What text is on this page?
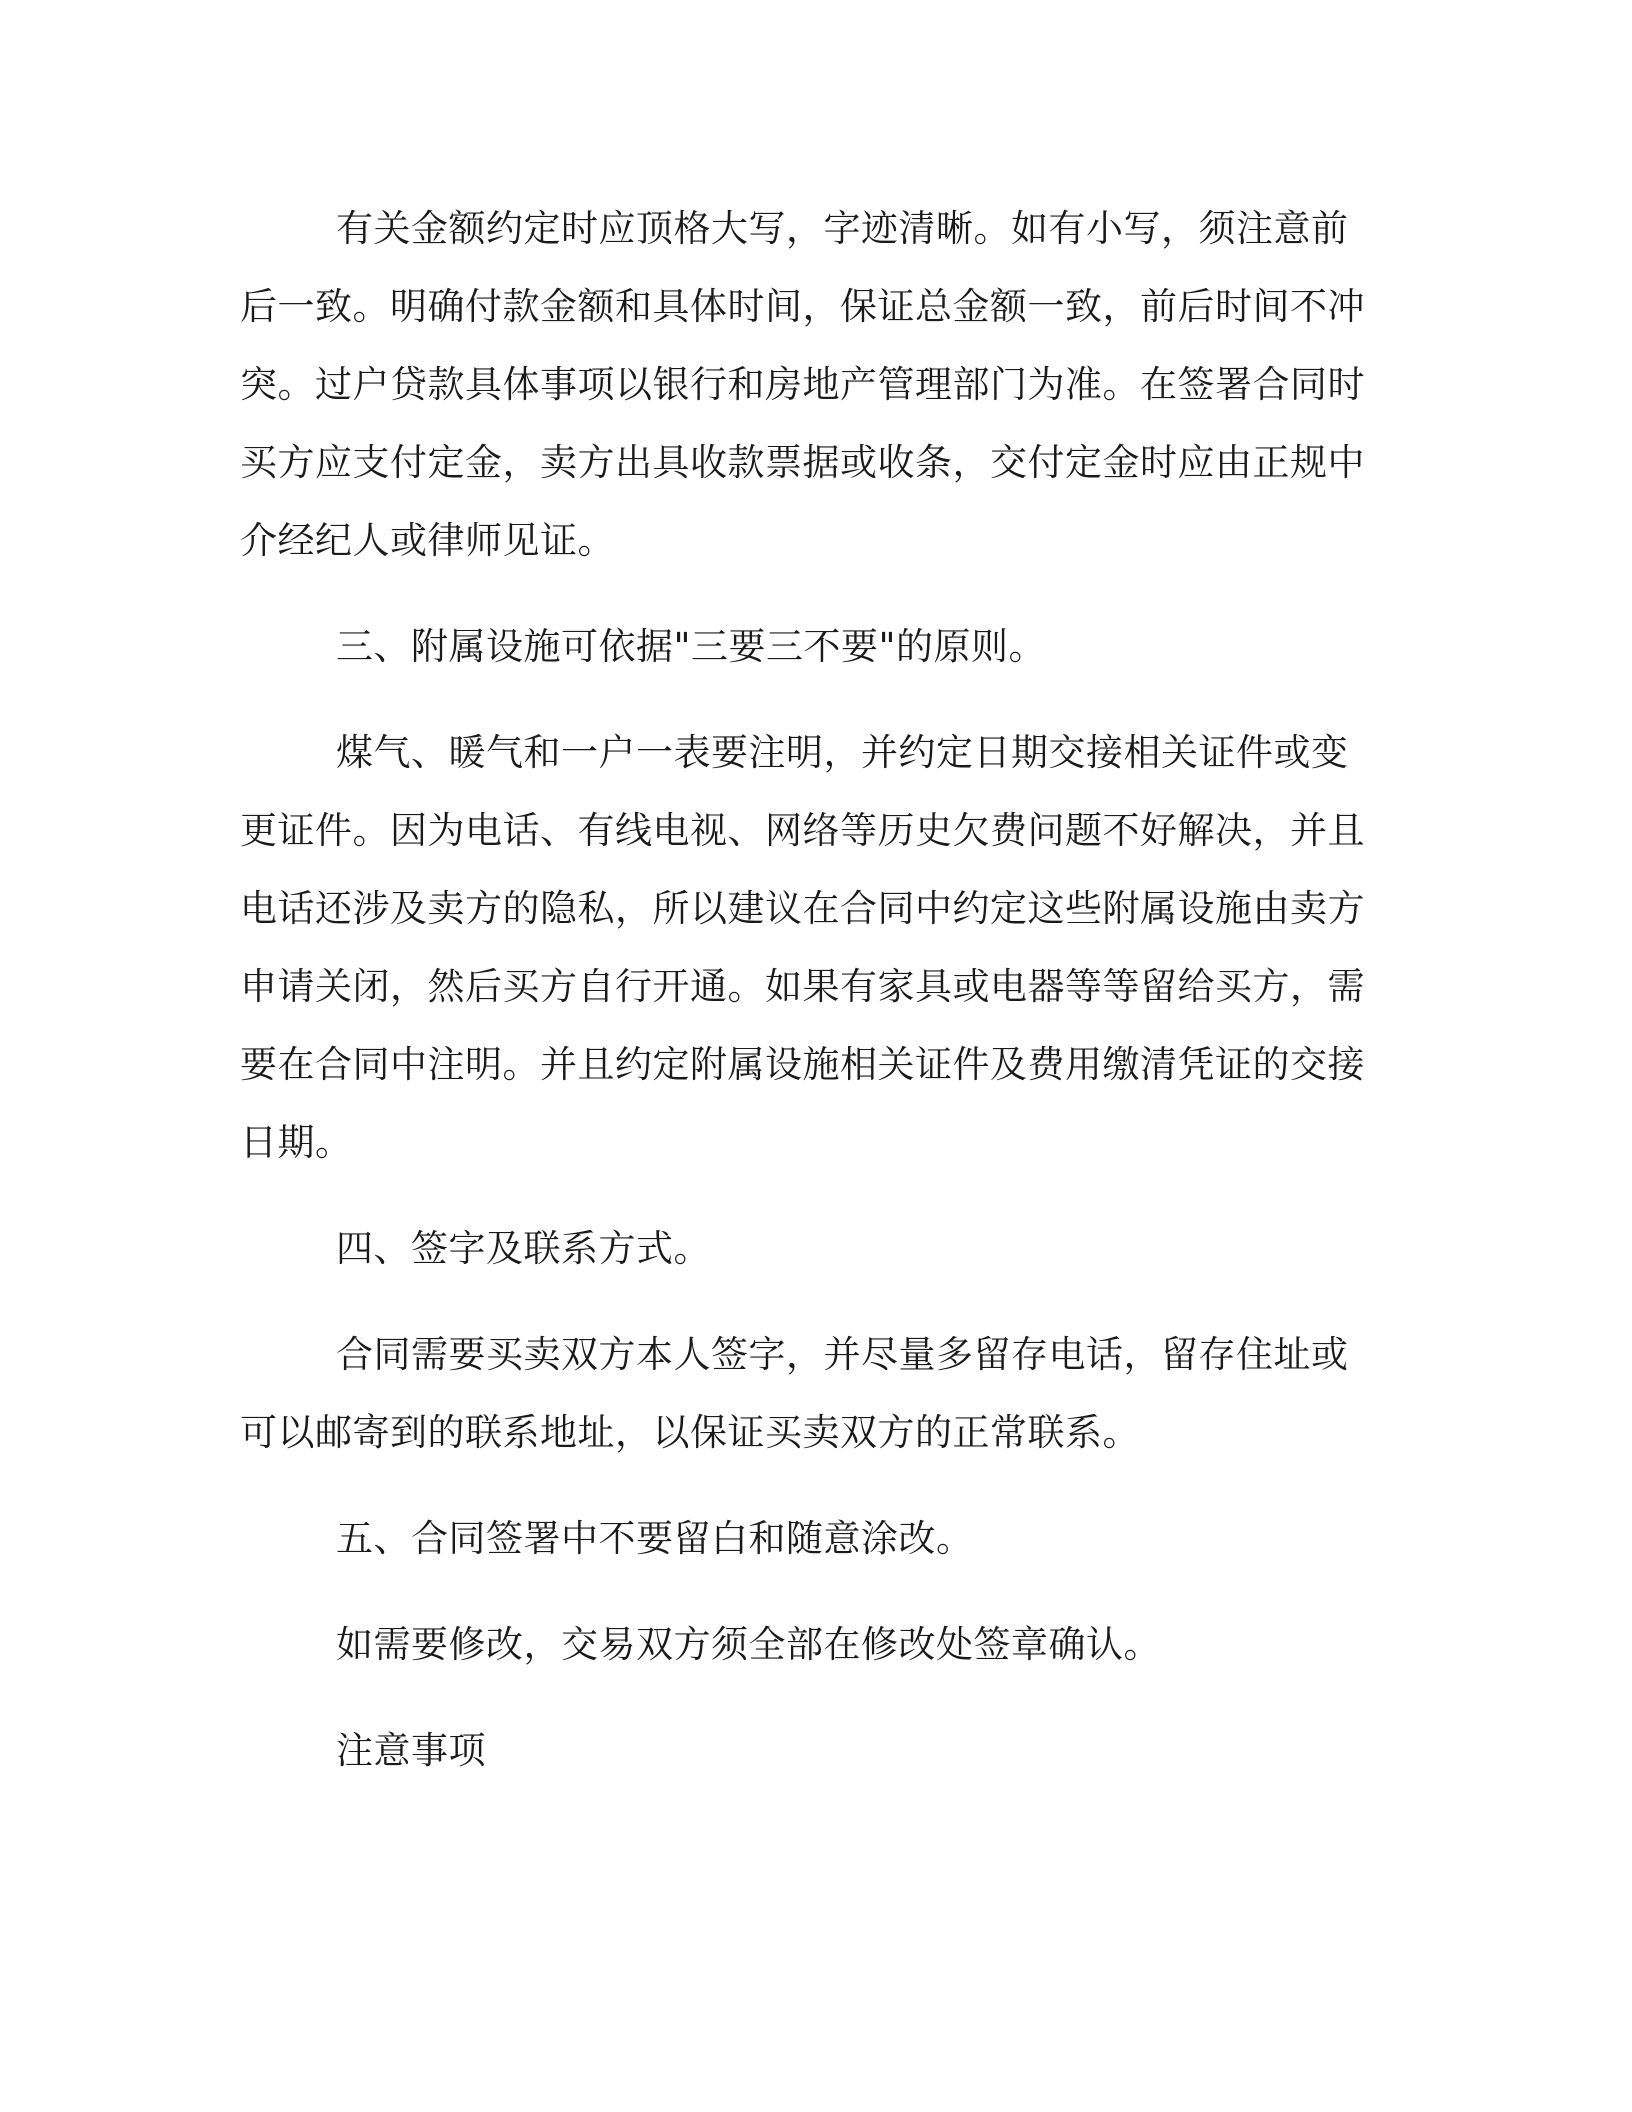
有关金额约定时应顶格大写，字迹清晰。如有小写，须注意前后一致。明确付款金额和具体时间，保证总金额一致，前后时间不冲突。过户贷款具体事项以银行和房地产管理部门为准。在签署合同时买方应支付定金，卖方出具收款票据或收条，交付定金时应由正规中介经纪人或律师见证。

三、附属设施可依据"三要三不要"的原则。

煤气、暖气和一户一表要注明，并约定日期交接相关证件或变更证件。因为电话、有线电视、网络等历史欠费问题不好解决，并且电话还涉及卖方的隐私，所以建议在合同中约定这些附属设施由卖方申请关闭，然后买方自行开通。如果有家具或电器等等留给买方，需要在合同中注明。并且约定附属设施相关证件及费用缴清凭证的交接日期。

四、签字及联系方式。

合同需要买卖双方本人签字，并尽量多留存电话，留存住址或可以邮寄到的联系地址，以保证买卖双方的正常联系。

五、合同签署中不要留白和随意涂改。

如需要修改，交易双方须全部在修改处签章确认。

注意事项
